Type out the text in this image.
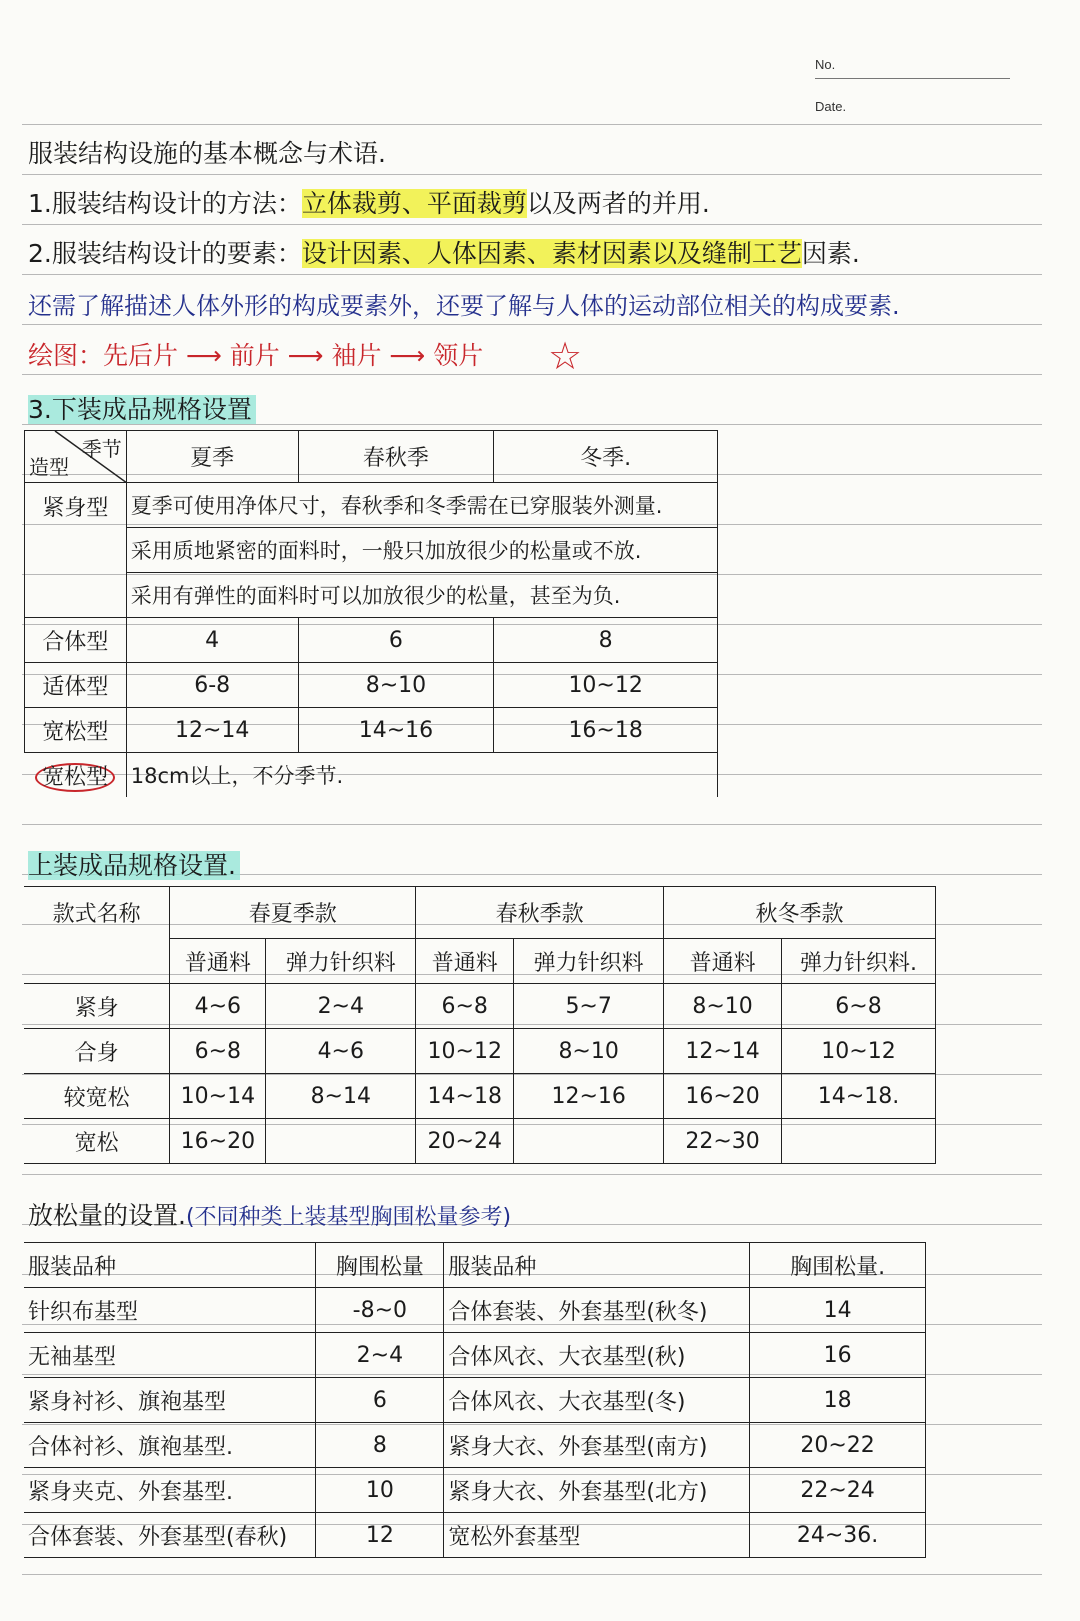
No.
Date.
服装结构设施的基本概念与术语.
1.服装结构设计的方法：立体裁剪、平面裁剪以及两者的并用.
2.服装结构设计的要素：设计因素、人体因素、素材因素以及缝制工艺因素.
还需了解描述人体外形的构成要素外，还要了解与人体的运动部位相关的构成要素.
绘图：先后片 ⟶ 前片 ⟶ 袖片 ⟶ 领片 ☆
3.下装成品规格设置
季节
造型	夏季	春秋季	冬季.
紧身型	夏季可使用净体尺寸，春秋季和冬季需在已穿服装外测量.		
	采用质地紧密的面料时，一般只加放很少的松量或不放.		
	采用有弹性的面料时可以加放很少的松量，甚至为负.		
合体型	4	6	8
适体型	6-8	8~10	10~12
宽松型	12~14	14~16	16~18
宽松型	18cm以上，不分季节.		
上装成品规格设置.
款式名称	春夏季款		春秋季款		秋冬季款	
	普通料	弹力针织料	普通料	弹力针织料	普通料	弹力针织料.
紧身	4~6	2~4	6~8	5~7	8~10	6~8
合身	6~8	4~6	10~12	8~10	12~14	10~12
较宽松	10~14	8~14	14~18	12~16	16~20	14~18.
宽松	16~20		20~24		22~30	
放松量的设置.(不同种类上装基型胸围松量参考)
服装品种	胸围松量	服装品种	胸围松量.
针织布基型	-8~0	合体套装、外套基型(秋冬)	14
无袖基型	2~4	合体风衣、大衣基型(秋)	16
紧身衬衫、旗袍基型	6	合体风衣、大衣基型(冬)	18
合体衬衫、旗袍基型.	8	紧身大衣、外套基型(南方)	20~22
紧身夹克、外套基型.	10	紧身大衣、外套基型(北方)	22~24
合体套装、外套基型(春秋)	12	宽松外套基型	24~36.
